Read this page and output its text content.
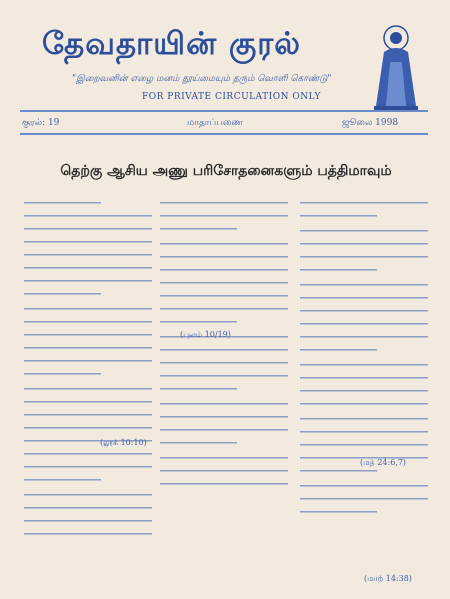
தேவதாயின் குரல்
"இறைவனின் எழை மனம் தூய்மையும் தரும் வொளி கொண்டு"
FOR PRIVATE CIRCULATION ONLY
குரல்: 19	மாதாப்பணை	ஜூலை 1998
தெற்கு ஆசிய அணு பரிசோதனைகளும் பத்திமாவும்
(புலம் 10/19)
(லூக் 10:10)
(மத் 24:6,7)
(மாற் 14:38)
